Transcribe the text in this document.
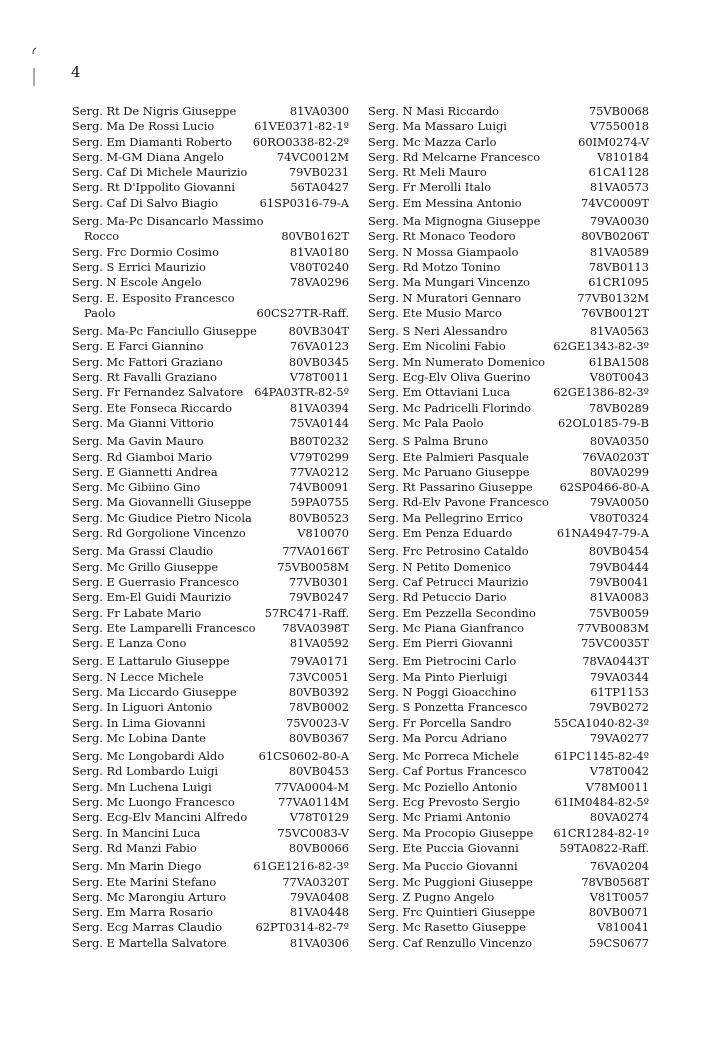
4
Serg. Rt De Nigris Giuseppe	81VA0300
Serg. Ma De Rossi Lucio	61VE0371-82-1º
Serg. Em Diamanti Roberto 60RO0338-82-2º
Serg. M-GM Diana Angelo	74VC0012M
Serg. Caf Di Michele Maurizio	79VB0231
Serg. Rt D'Ippolito Giovanni	56TA0427
Serg. Caf Di Salvo Biagio	61SP0316-79-A
Serg. Ma-Pc Disancarlo Massimo
Rocco	80VB0162T
Serg. Frc Dormio Cosimo	81VA0180
Serg. S Errici Maurizio	V80T0240
Serg. N Escole Angelo	78VA0296
Serg. E. Esposito Francesco
Paolo	60CS27TR-Raff.
Serg. Ma-Pc Fanciullo Giuseppe	80VB304T
Serg. E Farci Giannino	76VA0123
Serg. Mc Fattori Graziano	80VB0345
Serg. Rt Favalli Graziano	V78T0011
Serg. Fr Fernandez Salvatore 64PA03TR-82-5º
Serg. Ete Fonseca Riccardo	81VA0394
Serg. Ma Gianni Vittorio	75VA0144
Serg. Ma Gavin Mauro	B80T0232
Serg. Rd Giamboi Mario	V79T0299
Serg. E Giannetti Andrea	77VA0212
Serg. Mc Gibiino Gino	74VB0091
Serg. Ma Giovannelli Giuseppe	59PA0755
Serg. Mc Giudice Pietro Nicola	80VB0523
Serg. Rd Gorgolione Vincenzo	V810070
Serg. Ma Grassi Claudio	77VA0166T
Serg. Mc Grillo Giuseppe	75VB0058M
Serg. E Guerrasio Francesco	77VB0301
Serg. Em-El Guidi Maurizio	79VB0247
Serg. Fr Labate Mario	57RC471-Raff.
Serg. Ete Lamparelli Francesco 78VA0398T
Serg. E Lanza Cono	81VA0592
Serg. E Lattarulo Giuseppe	79VA0171
Serg. N Lecce Michele	73VC0051
Serg. Ma Liccardo Giuseppe	80VB0392
Serg. In Liguori Antonio	78VB0002
Serg. In Lima Giovanni	75V0023-V
Serg. Mc Lobina Dante	80VB0367
Serg. Mc Longobardi Aldo	61CS0602-80-A
Serg. Rd Lombardo Luigi	80VB0453
Serg. Mn Luchena Luigi	77VA0004-M
Serg. Mc Luongo Francesco	77VA0114M
Serg. Ecg-Elv Mancini Alfredo	V78T0129
Serg. In Mancini Luca	75VC0083-V
Serg. Rd Manzi Fabio	80VB0066
Serg. Mn Marin Diego	61GE1216-82-3º
Serg. Ete Marini Stefano	77VA0320T
Serg. Mc Marongiu Arturo	79VA0408
Serg. Em Marra Rosario	81VA0448
Serg. Ecg Marras Claudio	62PT0314-82-7º
Serg. E Martella Salvatore	81VA0306
Serg. N Masi Riccardo	75VB0068
Serg. Ma Massaro Luigi	V7550018
Serg. Mc Mazza Carlo	60IM0274-V
Serg. Rd Melcarne Francesco	V810184
Serg. Rt Meli Mauro	61CA1128
Serg. Fr Merolli Italo	81VA0573
Serg. Em Messina Antonio	74VC0009T
Serg. Ma Mignogna Giuseppe	79VA0030
Serg. Rt Monaco Teodoro	80VB0206T
Serg. N Mossa Giampaolo	81VA0589
Serg. Rd Motzo Tonino	78VB0113
Serg. Ma Mungari Vincenzo	61CR1095
Serg. N Muratori Gennaro	77VB0132M
Serg. Ete Musio Marco	76VB0012T
Serg. S Neri Alessandro	81VA0563
Serg. Em Nicolini Fabio	62GE1343-82-3º
Serg. Mn Numerato Domenico	61BA1508
Serg. Ecg-Elv Oliva Guerino	V80T0043
Serg. Em Ottaviani Luca	62GE1386-82-3º
Serg. Mc Padricelli Florindo	78VB0289
Serg. Mc Pala Paolo	62OL0185-79-B
Serg. S Palma Bruno	80VA0350
Serg. Ete Palmieri Pasquale	76VA0203T
Serg. Mc Paruano Giuseppe	80VA0299
Serg. Rt Passarino Giuseppe 62SP0466-80-A
Serg. Rd-Elv Pavone Francesco	79VA0050
Serg. Ma Pellegrino Errico	V80T0324
Serg. Em Penza Eduardo	61NA4947-79-A
Serg. Frc Petrosino Cataldo	80VB0454
Serg. N Petito Domenico	79VB0444
Serg. Caf Petrucci Maurizio	79VB0041
Serg. Rd Petuccio Dario	81VA0083
Serg. Em Pezzella Secondino	75VB0059
Serg. Mc Piana Gianfranco	77VB0083M
Serg. Em Pierri Giovanni	75VC0035T
Serg. Em Pietrocini Carlo	78VA0443T
Serg. Ma Pinto Pierluigi	79VA0344
Serg. N Poggi Gioacchino	61TP1153
Serg. S Ponzetta Francesco	79VB0272
Serg. Fr Porcella Sandro	55CA1040-82-3º
Serg. Ma Porcu Adriano	79VA0277
Serg. Mc Porreca Michele	61PC1145-82-4º
Serg. Caf Portus Francesco	V78T0042
Serg. Mc Poziello Antonio	V78M0011
Serg. Ecg Prevosto Sergio	61IM0484-82-5º
Serg. Mc Priami Antonio	80VA0274
Serg. Ma Procopio Giuseppe 61CR1284-82-1º
Serg. Ete Puccia Giovanni	59TA0822-Raff.
Serg. Ma Puccio Giovanni	76VA0204
Serg. Mc Puggioni Giuseppe	78VB0568T
Serg. Z Pugno Angelo	V81T0057
Serg. Frc Quintieri Giuseppe	80VB0071
Serg. Mc Rasetto Giuseppe	V810041
Serg. Caf Renzullo Vincenzo	59CS0677
